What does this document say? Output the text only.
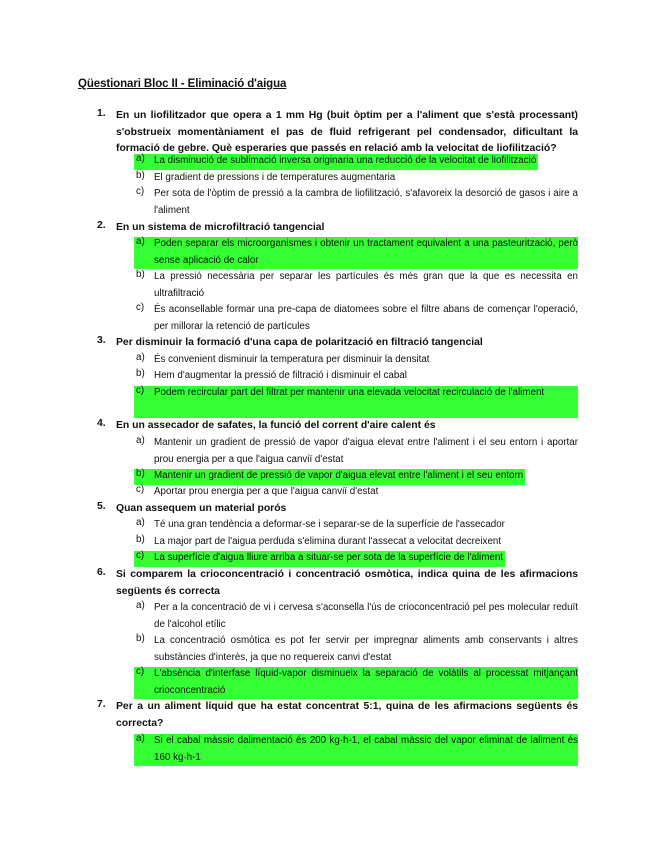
Qüestionari Bloc II - Eliminació d'aigua
1. En un liofilitzador que opera a 1 mm Hg (buit òptim per a l'aliment que s'està processant) s'obstrueix momentàniament el pas de fluid refrigerant pel condensador, dificultant la formació de gebre. Què esperaries que passés en relació amb la velocitat de liofilització?
a) La disminució de sublimació inversa originaria una reducció de la velocitat de liofilització
b) El gradient de pressions i de temperatures augmentaria
c) Per sota de l'òptim de pressió a la cambra de liofilització, s'afavoreix la desorció de gasos i aire a l'aliment
2. En un sistema de microfiltració tangencial
a) Poden separar els microorganismes i obtenir un tractament equivalent a una pasteurització, però sense aplicació de calor
b) La pressió necessària per separar les partícules és més gran que la que es necessita en ultrafiltració
c) És aconsellable formar una pre-capa de diatomees sobre el filtre abans de començar l'operació, per millorar la retenció de partícules
3. Per disminuir la formació d'una capa de polarització en filtració tangencial
a) És convenient disminuir la temperatura per disminuir la densitat
b) Hem d'augmentar la pressió de filtració i disminuir el cabal
c) Podem recircular part del filtrat per mantenir una elevada velocitat recirculació de l'aliment
4. En un assecador de safates, la funció del corrent d'aire calent és
a) Mantenir un gradient de pressió de vapor d'aigua elevat entre l'aliment i el seu entorn i aportar prou energia per a que l'aigua canviï d'estat
b) Mantenir un gradient de pressió de vapor d'aigua elevat entre l'aliment i el seu entorn
c) Aportar prou energia per a que l'aigua canviï d'estat
5. Quan assequem un material porós
a) Té una gran tendència a deformar-se i separar-se de la superfície de l'assecador
b) La major part de l'aigua perduda s'elimina durant l'assecat a velocitat decreixent
c) La superfície d'aigua lliure arriba a situar-se per sota de la superfície de l'aliment
6. Si comparem la crioconcentració i concentració osmòtica, indica quina de les afirmacions següents és correcta
a) Per a la concentració de vi i cervesa s'aconsella l'ús de crioconcentració pel pes molecular reduït de l'alcohol etílic
b) La concentració osmòtica es pot fer servir per impregnar aliments amb conservants i altres substàncies d'interès, ja que no requereix canvi d'estat
c) L'absència d'interfase líquid-vapor disminueix la separació de volàtils al processat mitjançant crioconcentració
7. Per a un aliment líquid que ha estat concentrat 5:1, quina de les afirmacions següents és correcta?
a) Si el cabal màssic dalimentació és 200 kg·h-1, el cabal màssic del vapor eliminat de laliment és 160 kg·h-1
